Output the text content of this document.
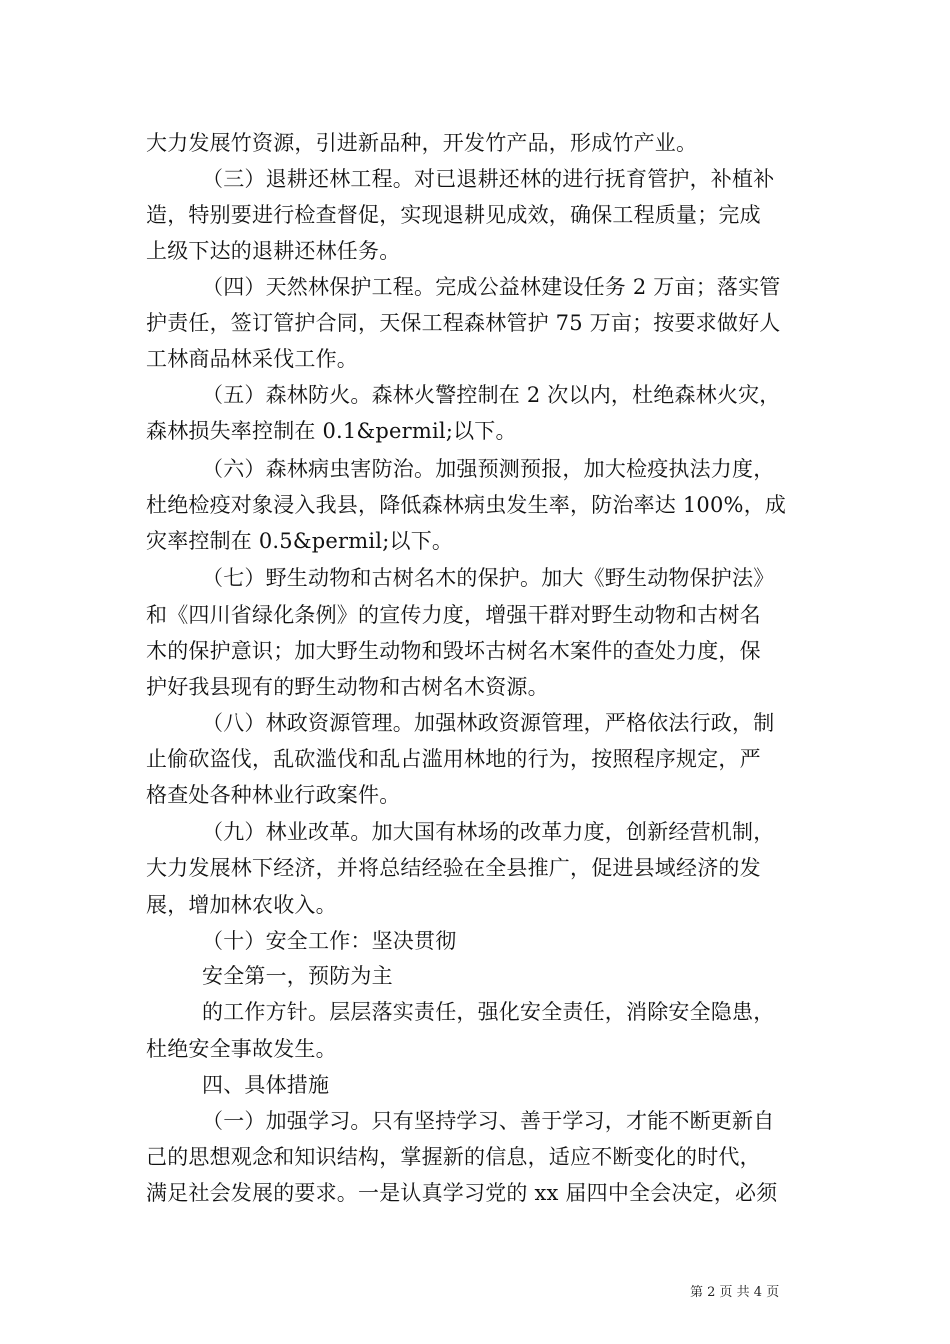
大力发展竹资源，引进新品种，开发竹产品，形成竹产业。
（三）退耕还林工程。对已退耕还林的进行抚育管护，补植补
造，特别要进行检查督促，实现退耕见成效，确保工程质量；完成
上级下达的退耕还林任务。
（四）天然林保护工程。完成公益林建设任务 2 万亩；落实管
护责任，签订管护合同，天保工程森林管护 75 万亩；按要求做好人
工林商品林采伐工作。
（五）森林防火。森林火警控制在 2 次以内，杜绝森林火灾，
森林损失率控制在 0.1&permil;以下。
（六）森林病虫害防治。加强预测预报，加大检疫执法力度，
杜绝检疫对象浸入我县，降低森林病虫发生率，防治率达 100%，成
灾率控制在 0.5&permil;以下。
（七）野生动物和古树名木的保护。加大《野生动物保护法》
和《四川省绿化条例》的宣传力度，增强干群对野生动物和古树名
木的保护意识；加大野生动物和毁坏古树名木案件的查处力度，保
护好我县现有的野生动物和古树名木资源。
（八）林政资源管理。加强林政资源管理，严格依法行政，制
止偷砍盗伐，乱砍滥伐和乱占滥用林地的行为，按照程序规定，严
格查处各种林业行政案件。
（九）林业改革。加大国有林场的改革力度，创新经营机制，
大力发展林下经济，并将总结经验在全县推广，促进县域经济的发
展，增加林农收入。
（十）安全工作：坚决贯彻
安全第一，预防为主
的工作方针。层层落实责任，强化安全责任，消除安全隐患，
杜绝安全事故发生。
四、具体措施
（一）加强学习。只有坚持学习、善于学习，才能不断更新自
己的思想观念和知识结构，掌握新的信息，适应不断变化的时代，
满足社会发展的要求。一是认真学习党的 xx 届四中全会决定，必须
第 2 页 共 4 页
